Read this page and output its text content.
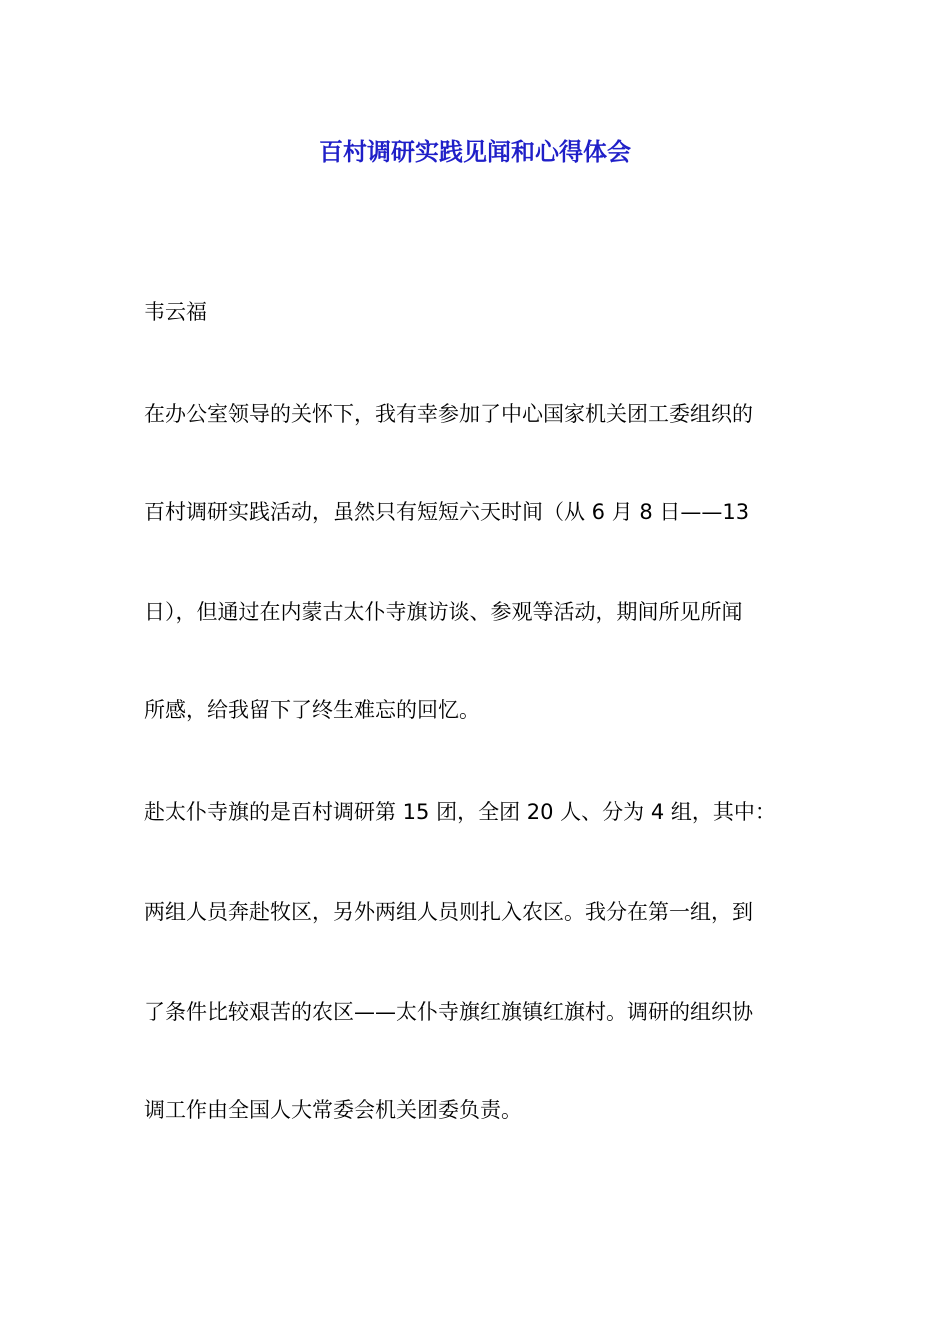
百村调研实践见闻和心得体会

韦云福

在办公室领导的关怀下，我有幸参加了中心国家机关团工委组织的

百村调研实践活动，虽然只有短短六天时间（从 6 月 8 日——13

日），但通过在内蒙古太仆寺旗访谈、参观等活动，期间所见所闻

所感，给我留下了终生难忘的回忆。

赴太仆寺旗的是百村调研第 15 团，全团 20 人、分为 4 组，其中：

两组人员奔赴牧区，另外两组人员则扎入农区。我分在第一组，到

了条件比较艰苦的农区——太仆寺旗红旗镇红旗村。调研的组织协

调工作由全国人大常委会机关团委负责。
